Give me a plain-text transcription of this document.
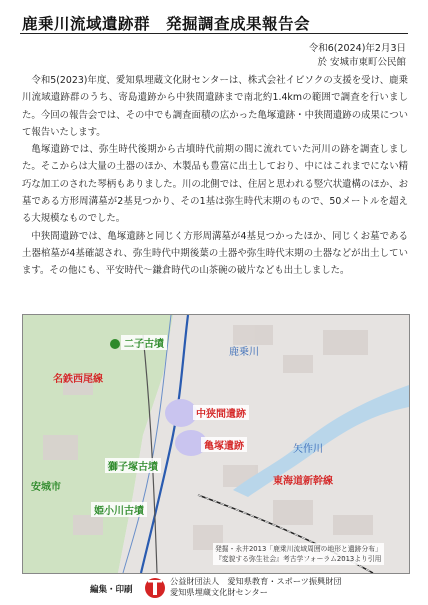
鹿乗川流域遺跡群　発掘調査成果報告会
令和6(2024)年2月3日
於 安城市東町公民館

令和5(2023)年度、愛知県埋蔵文化財センターは、株式会社イビソクの支援を受け、鹿乗川流域遺跡群のうち、寄島遺跡から中狭間遺跡まで南北約1.4kmの範囲で調査を行いました。今回の報告会では、その中でも調査面積の広かった亀塚遺跡・中狭間遺跡の成果について報告いたします。

亀塚遺跡では、弥生時代後期から古墳時代前期の間に流れていた河川の跡を調査しました。そこからは大量の土器のほか、木製品も豊富に出土しており、中にはこれまでにない精巧な加工のされた琴柄もありました。川の北側では、住居と思われる竪穴状遺構のほか、お墓である方形周溝墓が2基見つかり、その1基は弥生時代末期のもので、50メートルを超える大規模なものでした。

中狭間遺跡では、亀塚遺跡と同じく方形周溝墓が4基見つかったほか、同じくお墓である土器棺墓が4基確認され、弥生時代中期後葉の土器や弥生時代末期の土器などが出土しています。その他にも、平安時代～鎌倉時代の山茶碗の破片なども出土しました。

二子古墳
鹿乗川
名鉄西尾線
中狭間遺跡
亀塚遺跡	矢作川
獅子塚古墳
東海道新幹線
安城市
姫小川古墳
発掘・永井2013「鹿乗川流域周囲の地形と遺跡分布」
『変貌する弥生社会』考古学フォーラム2013より引用
編集・印刷
公益財団法人　愛知県教育・スポーツ振興財団
愛知県埋蔵文化財センター
